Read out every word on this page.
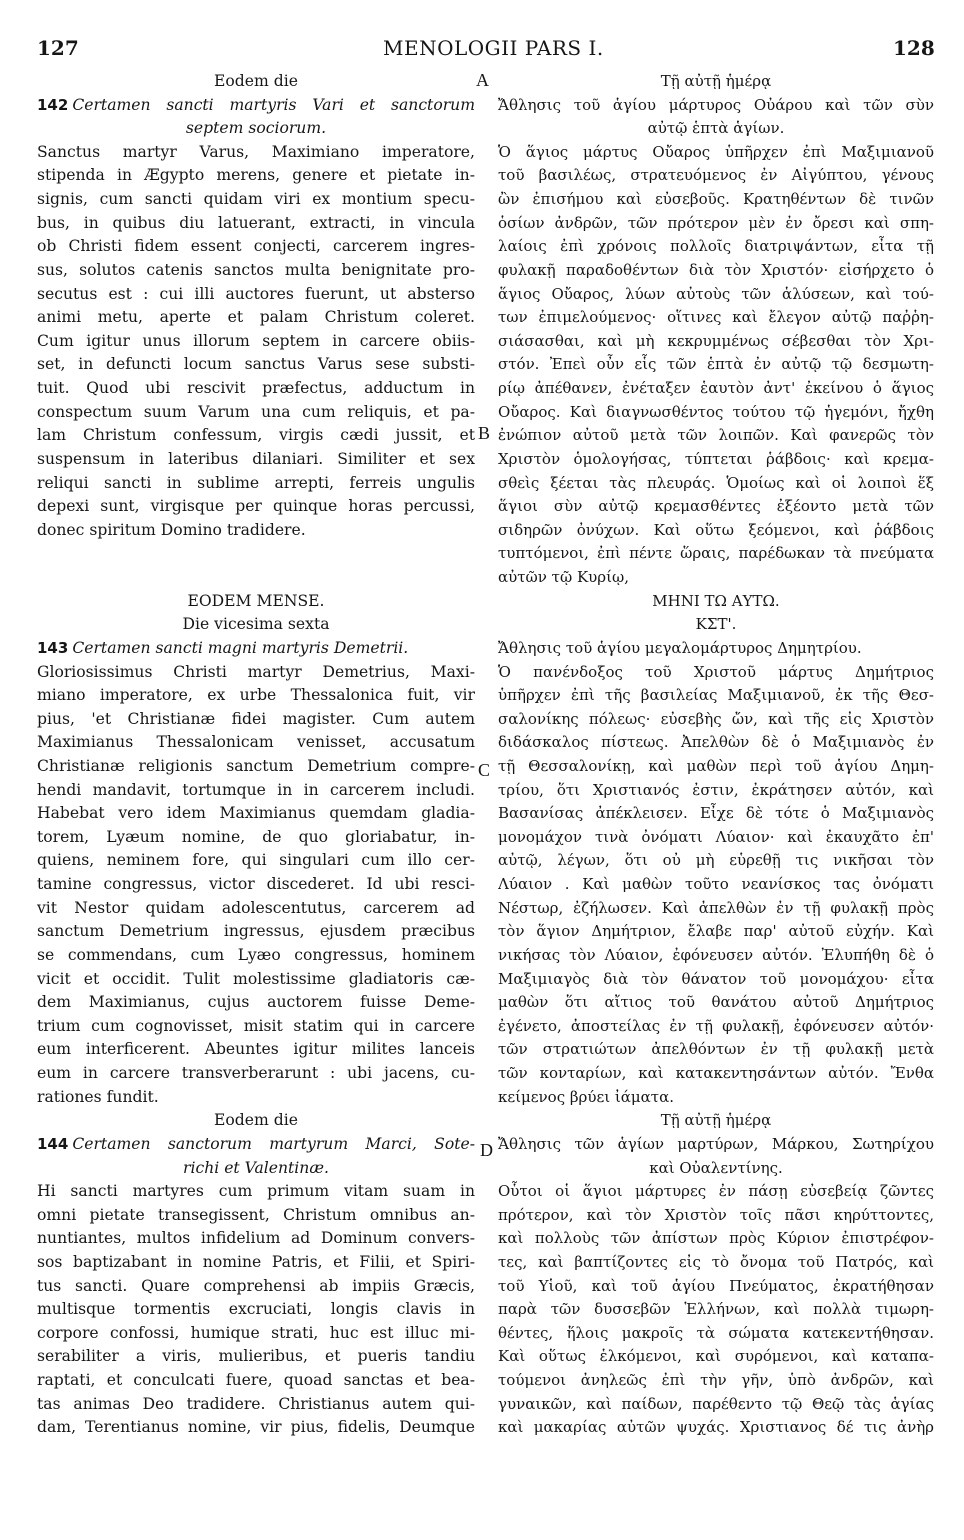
127	MENOLOGII PARS I.	128
A
B
C
D
Eodem die
142 Certamen sancti martyris Vari et sanctorum
septem sociorum.
Sanctus martyr Varus, Maximiano imperatore,
stipenda in Ægypto merens, genere et pietate in-
signis, cum sancti quidam viri ex montium specu-
bus, in quibus diu latuerant, extracti, in vincula
ob Christi fidem essent conjecti, carcerem ingres-
sus, solutos catenis sanctos multa benignitate pro-
secutus est : cui illi auctores fuerunt, ut absterso
animi metu, aperte et palam Christum coleret.
Cum igitur unus illorum septem in carcere obiis-
set, in defuncti locum sanctus Varus sese substi-
tuit. Quod ubi rescivit præfectus, adductum in
conspectum suum Varum una cum reliquis, et pa-
lam Christum confessum, virgis cædi jussit, et
suspensum in lateribus dilaniari. Similiter et sex
reliqui sancti in sublime arrepti, ferreis ungulis
depexi sunt, virgisque per quinque horas percussi,
donec spiritum Domino tradidere.
EODEM MENSE.
Die vicesima sexta
143 Certamen sancti magni martyris Demetrii.
Gloriosissimus Christi martyr Demetrius, Maxi-
miano imperatore, ex urbe Thessalonica fuit, vir
pius, 'et Christianæ fidei magister. Cum autem
Maximianus Thessalonicam venisset, accusatum
Christianæ religionis sanctum Demetrium compre-
hendi mandavit, tortumque in in carcerem includi.
Habebat vero idem Maximianus quemdam gladia-
torem, Lyæum nomine, de quo gloriabatur, in-
quiens, neminem fore, qui singulari cum illo cer-
tamine congressus, victor discederet. Id ubi resci-
vit Nestor quidam adolescentutus, carcerem ad
sanctum Demetrium ingressus, ejusdem præcibus
se commendans, cum Lyæo congressus, hominem
vicit et occidit. Tulit molestissime gladiatoris cæ-
dem Maximianus, cujus auctorem fuisse Deme-
trium cum cognovisset, misit statim qui in carcere
eum interficerent. Abeuntes igitur milites lanceis
eum in carcere transverberarunt : ubi jacens, cu-
rationes fundit.
Eodem die
144 Certamen sanctorum martyrum Marci, Sote-
richi et Valentinæ.
Hi sancti martyres cum primum vitam suam in
omni pietate transegissent, Christum omnibus an-
nuntiantes, multos infidelium ad Dominum convers-
sos baptizabant in nomine Patris, et Filii, et Spiri-
tus sancti. Quare comprehensi ab impiis Græcis,
multisque tormentis excruciati, longis clavis in
corpore confossi, humique strati, huc est illuc mi-
serabiliter a viris, mulieribus, et pueris tandiu
raptati, et conculcati fuere, quoad sanctas et bea-
tas animas Deo tradidere. Christianus autem qui-
dam, Terentianus nomine, vir pius, fidelis, Deumque
Τῇ αὐτῇ ἡμέρᾳ
Ἄθλησις τοῦ ἁγίου μάρτυρος Οὐάρου καὶ τῶν σὺν
αὐτῷ ἑπτὰ ἁγίων.
Ὁ ἅγιος μάρτυς Οὔαρος ὑπῆρχεν ἐπὶ Μαξιμιανοῦ
τοῦ βασιλέως, στρατευόμενος ἐν Αἰγύπτου, γένους
ὢν ἐπισήμου καὶ εὐσεβοῦς. Κρατηθέντων δὲ τινῶν
ὁσίων ἀνδρῶν, τῶν πρότερον μὲν ἐν ὄρεσι καὶ σπη-
λαίοις ἐπὶ χρόνοις πολλοῖς διατριψάντων, εἶτα τῇ
φυλακῇ παραδοθέντων διὰ τὸν Χριστόν· εἰσήρχετο ὁ
ἅγιος Οὔαρος, λύων αὐτοὺς τῶν ἁλύσεων, καὶ τού-
των ἐπιμελούμενος· οἵτινες καὶ ἔλεγον αὐτῷ παῤῥη-
σιάσασθαι, καὶ μὴ κεκρυμμένως σέβεσθαι τὸν Χρι-
στόν. Ἐπεὶ οὖν εἷς τῶν ἑπτὰ ἐν αὐτῷ τῷ δεσμωτη-
ρίῳ ἀπέθανεν, ἐνέταξεν ἑαυτὸν ἀντ' ἐκείνου ὁ ἅγιος
Οὔαρος. Καὶ διαγνωσθέντος τούτου τῷ ἡγεμόνι, ἤχθη
ἐνώπιον αὐτοῦ μετὰ τῶν λοιπῶν. Καὶ φανερῶς τὸν
Χριστὸν ὁμολογήσας, τύπτεται ῥάβδοις· καὶ κρεμα-
σθεὶς ξέεται τὰς πλευράς. Ὁμοίως καὶ οἱ λοιποὶ ἕξ
ἅγιοι σὺν αὐτῷ κρεμασθέντες ἐξέοντο μετὰ τῶν
σιδηρῶν ὀνύχων. Καὶ οὕτω ξεόμενοι, καὶ ῥάβδοις
τυπτόμενοι, ἐπὶ πέντε ὥραις, παρέδωκαν τὰ πνεύματα
αὐτῶν τῷ Κυρίῳ,
ΜΗΝΙ ΤΩ ΑΥΤΩ.
ΚΣΤ'.
Ἄθλησις τοῦ ἁγίου μεγαλομάρτυρος Δημητρίου.
Ὁ πανένδοξος τοῦ Χριστοῦ μάρτυς Δημήτριος
ὑπῆρχεν ἐπὶ τῆς βασιλείας Μαξιμιανοῦ, ἐκ τῆς Θεσ-
σαλονίκης πόλεως· εὐσεβὴς ὤν, καὶ τῆς εἰς Χριστὸν
διδάσκαλος πίστεως. Ἀπελθὼν δὲ ὁ Μαξιμιανὸς ἐν
τῇ Θεσσαλονίκῃ, καὶ μαθὼν περὶ τοῦ ἁγίου Δημη-
τρίου, ὅτι Χριστιανός ἐστιν, ἐκράτησεν αὐτόν, καὶ
Βασανίσας ἀπέκλεισεν. Εἶχε δὲ τότε ὁ Μαξιμιανὸς
μονομάχον τινὰ ὀνόματι Λύαιον· καὶ ἐκαυχᾶτο ἐπ'
αὐτῷ, λέγων, ὅτι οὐ μὴ εὑρεθῇ τις νικῆσαι τὸν
Λύαιον . Καὶ μαθὼν τοῦτο νεανίσκος τας ὀνόματι
Νέστωρ, ἐζήλωσεν. Καὶ ἀπελθὼν ἐν τῇ φυλακῇ πρὸς
τὸν ἅγιον Δημήτριον, ἔλαβε παρ' αὐτοῦ εὐχήν. Καὶ
νικήσας τὸν Λύαιον, ἐφόνευσεν αὐτόν. Ἐλυπήθη δὲ ὁ
Μαξιμιαγὸς διὰ τὸν θάνατον τοῦ μονομάχου· εἶτα
μαθὼν ὅτι αἴτιος τοῦ θανάτου αὐτοῦ Δημήτριος
ἐγένετο, ἀποστείλας ἐν τῇ φυλακῇ, ἐφόνευσεν αὐτόν·
τῶν στρατιώτων ἀπελθόντων ἐν τῇ φυλακῇ μετὰ
τῶν κονταρίων, καὶ κατακεντησάντων αὐτόν. Ἔνθα
κείμενος βρύει ἰάματα.
Τῇ αὐτῇ ἡμέρᾳ
Ἄθλησις τῶν ἁγίων μαρτύρων, Μάρκου, Σωτηρίχου
καὶ Οὐαλεντίνης.
Οὗτοι οἱ ἅγιοι μάρτυρες ἐν πάσῃ εὐσεβείᾳ ζῶντες
πρότερον, καὶ τὸν Χριστὸν τοῖς πᾶσι κηρύττοντες,
καὶ πολλοὺς τῶν ἀπίστων πρὸς Κύριον ἐπιστρέφον-
τες, καὶ βαπτίζοντες εἰς τὸ ὄνομα τοῦ Πατρός, καὶ
τοῦ Υἱοῦ, καὶ τοῦ ἁγίου Πνεύματος, ἐκρατήθησαν
παρὰ τῶν δυσσεβῶν Ἑλλήνων, καὶ πολλὰ τιμωρη-
θέντες, ἥλοις μακροῖς τὰ σώματα κατεκεντήθησαν.
Καὶ οὕτως ἑλκόμενοι, καὶ συρόμενοι, καὶ καταπα-
τούμενοι ἀνηλεῶς ἐπὶ τὴν γῆν, ὑπὸ ἀνδρῶν, καὶ
γυναικῶν, καὶ παίδων, παρέθεντο τῷ Θεῷ τὰς ἁγίας
καὶ μακαρίας αὐτῶν ψυχάς. Χριστιανος δέ τις ἀνὴρ
